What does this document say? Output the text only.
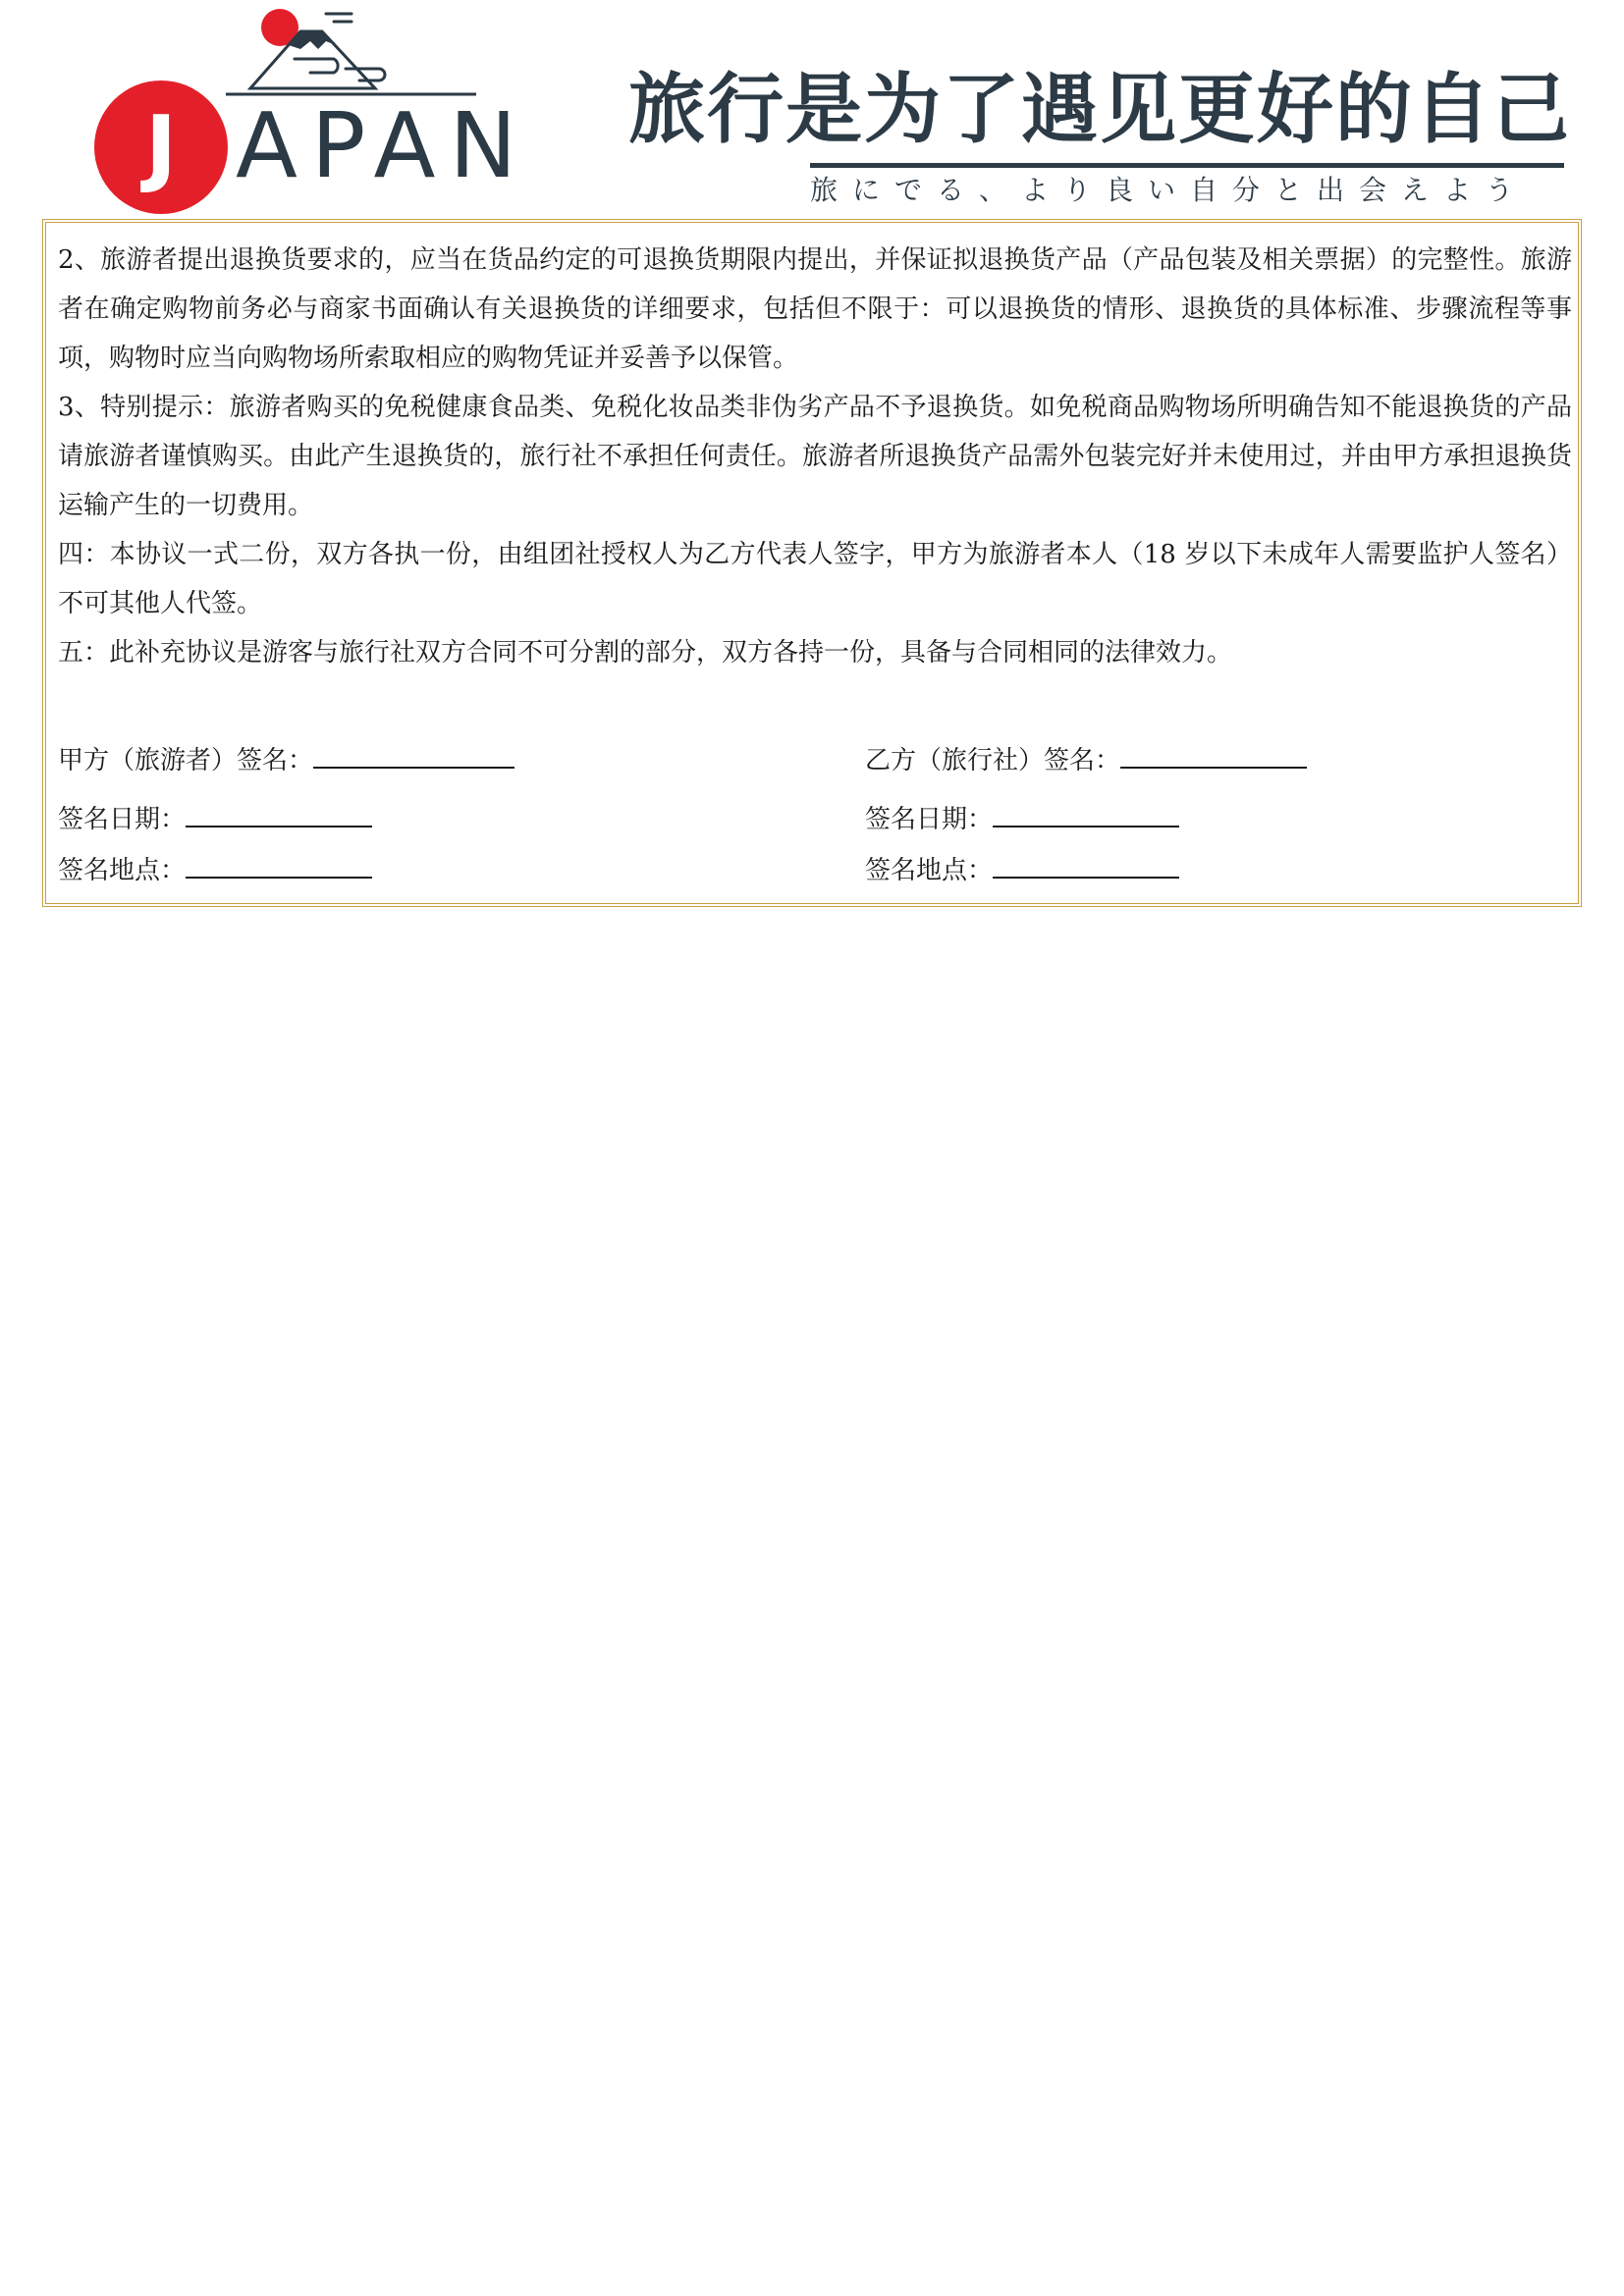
J APAN 旅行是为了遇见更好的自己
旅にでる、より良い自分と出会えよう

2、旅游者提出退换货要求的，应当在货品约定的可退换货期限内提出，并保证拟退换货产品（产品包装及相关票据）的完整性。旅游者在确定购物前务必与商家书面确认有关退换货的详细要求，包括但不限于：可以退换货的情形、退换货的具体标准、步骤流程等事项，购物时应当向购物场所索取相应的购物凭证并妥善予以保管。

3、特别提示：旅游者购买的免税健康食品类、免税化妆品类非伪劣产品不予退换货。如免税商品购物场所明确告知不能退换货的产品请旅游者谨慎购买。由此产生退换货的，旅行社不承担任何责任。旅游者所退换货产品需外包装完好并未使用过，并由甲方承担退换货运输产生的一切费用。

四：本协议一式二份，双方各执一份，由组团社授权人为乙方代表人签字，甲方为旅游者本人（18 岁以下未成年人需要监护人签名）不可其他人代签。

五：此补充协议是游客与旅行社双方合同不可分割的部分，双方各持一份，具备与合同相同的法律效力。

甲方（旅游者）签名：
签名日期：
签名地点：
乙方（旅行社）签名：
签名日期：
签名地点：
